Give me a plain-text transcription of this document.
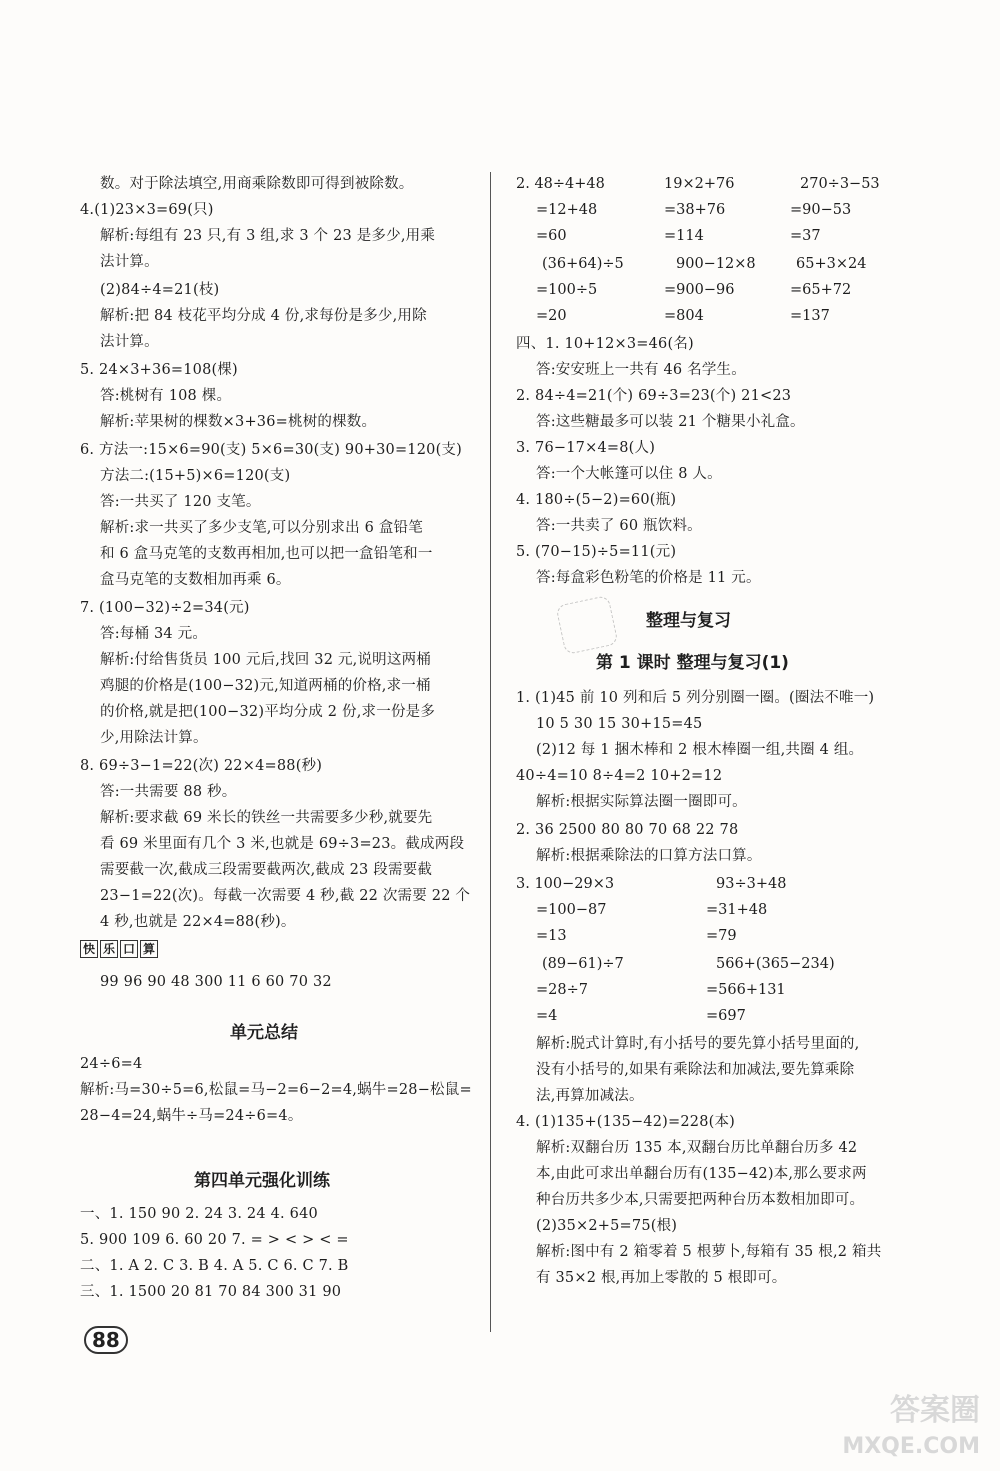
数。对于除法填空,用商乘除数即可得到被除数。
4.(1)23×3=69(只)
解析:每组有 23 只,有 3 组,求 3 个 23 是多少,用乘
法计算。
(2)84÷4=21(枝)
解析:把 84 枝花平均分成 4 份,求每份是多少,用除
法计算。
5. 24×3+36=108(棵)
答:桃树有 108 棵。
解析:苹果树的棵数×3+36=桃树的棵数。
6. 方法一:15×6=90(支) 5×6=30(支) 90+30=120(支)
方法二:(15+5)×6=120(支)
答:一共买了 120 支笔。
解析:求一共买了多少支笔,可以分别求出 6 盒铅笔
和 6 盒马克笔的支数再相加,也可以把一盒铅笔和一
盒马克笔的支数相加再乘 6。
7. (100−32)÷2=34(元)
答:每桶 34 元。
解析:付给售货员 100 元后,找回 32 元,说明这两桶
鸡腿的价格是(100−32)元,知道两桶的价格,求一桶
的价格,就是把(100−32)平均分成 2 份,求一份是多
少,用除法计算。
8. 69÷3−1=22(次) 22×4=88(秒)
答:一共需要 88 秒。
解析:要求截 69 米长的铁丝一共需要多少秒,就要先
看 69 米里面有几个 3 米,也就是 69÷3=23。截成两段
需要截一次,截成三段需要截两次,截成 23 段需要截
23−1=22(次)。每截一次需要 4 秒,截 22 次需要 22 个
4 秒,也就是 22×4=88(秒)。
快 乐 口 算
99 96 90 48 300 11 6 60 70 32
单元总结
24÷6=4
解析:马=30÷5=6,松鼠=马−2=6−2=4,蜗牛=28−松鼠=
28−4=24,蜗牛÷马=24÷6=4。
第四单元强化训练
一、1. 150 90 2. 24 3. 24 4. 640
5. 900 109 6. 60 20 7. = > < > < =
二、1. A 2. C 3. B 4. A 5. C 6. C 7. B
三、1. 1500 20 81 70 84 300 31 90
2. 48÷4+48	19×2+76	270÷3−53
=12+48	=38+76	=90−53
=60	=114	=37
(36+64)÷5	900−12×8	65+3×24
=100÷5	=900−96	=65+72
=20	=804	=137
四、1. 10+12×3=46(名)
答:安安班上一共有 46 名学生。
2. 84÷4=21(个) 69÷3=23(个) 21<23
答:这些糖最多可以装 21 个糖果小礼盒。
3. 76−17×4=8(人)
答:一个大帐篷可以住 8 人。
4. 180÷(5−2)=60(瓶)
答:一共卖了 60 瓶饮料。
5. (70−15)÷5=11(元)
答:每盒彩色粉笔的价格是 11 元。
整理与复习
第 1 课时 整理与复习(1)
1. (1)45 前 10 列和后 5 列分别圈一圈。(圈法不唯一)
10 5 30 15 30+15=45
(2)12 每 1 捆木棒和 2 根木棒圈一组,共圈 4 组。
40÷4=10 8÷4=2 10+2=12
解析:根据实际算法圈一圈即可。
2. 36 2500 80 80 70 68 22 78
解析:根据乘除法的口算方法口算。
3. 100−29×3	93÷3+48
=100−87	=31+48
=13	=79
(89−61)÷7	566+(365−234)
=28÷7	=566+131
=4	=697
解析:脱式计算时,有小括号的要先算小括号里面的,
没有小括号的,如果有乘除法和加减法,要先算乘除
法,再算加减法。
4. (1)135+(135−42)=228(本)
解析:双翻台历 135 本,双翻台历比单翻台历多 42
本,由此可求出单翻台历有(135−42)本,那么要求两
种台历共多少本,只需要把两种台历本数相加即可。
(2)35×2+5=75(根)
解析:图中有 2 箱零着 5 根萝卜,每箱有 35 根,2 箱共
有 35×2 根,再加上零散的 5 根即可。
88
答案圈
MXQE.COM
